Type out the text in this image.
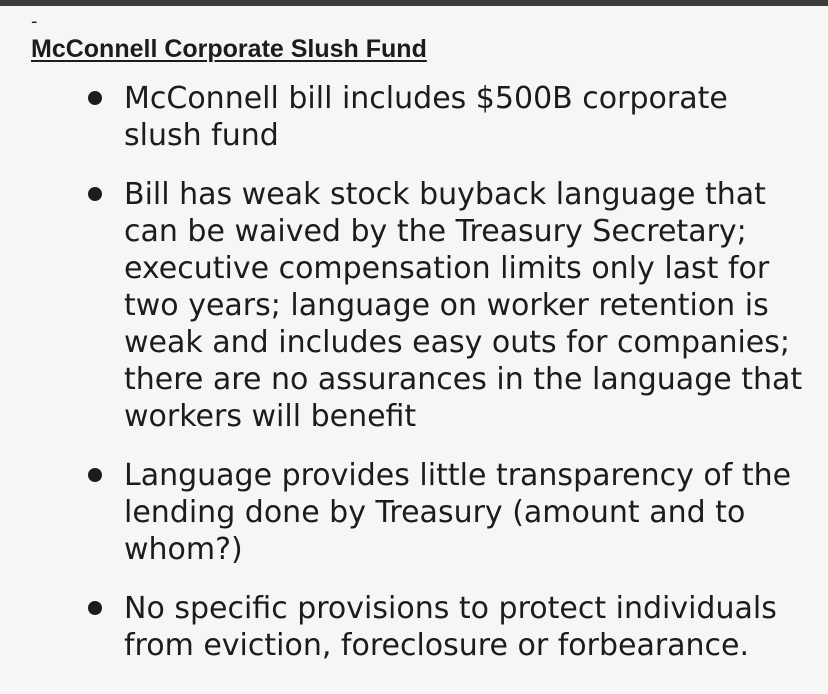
-
McConnell Corporate Slush Fund
McConnell bill includes $500B corporate slush fund
Bill has weak stock buyback language that can be waived by the Treasury Secretary; executive compensation limits only last for two years; language on worker retention is weak and includes easy outs for companies; there are no assurances in the language that workers will benefit
Language provides little transparency of the lending done by Treasury (amount and to whom?)
No specific provisions to protect individuals from eviction, foreclosure or forbearance.
